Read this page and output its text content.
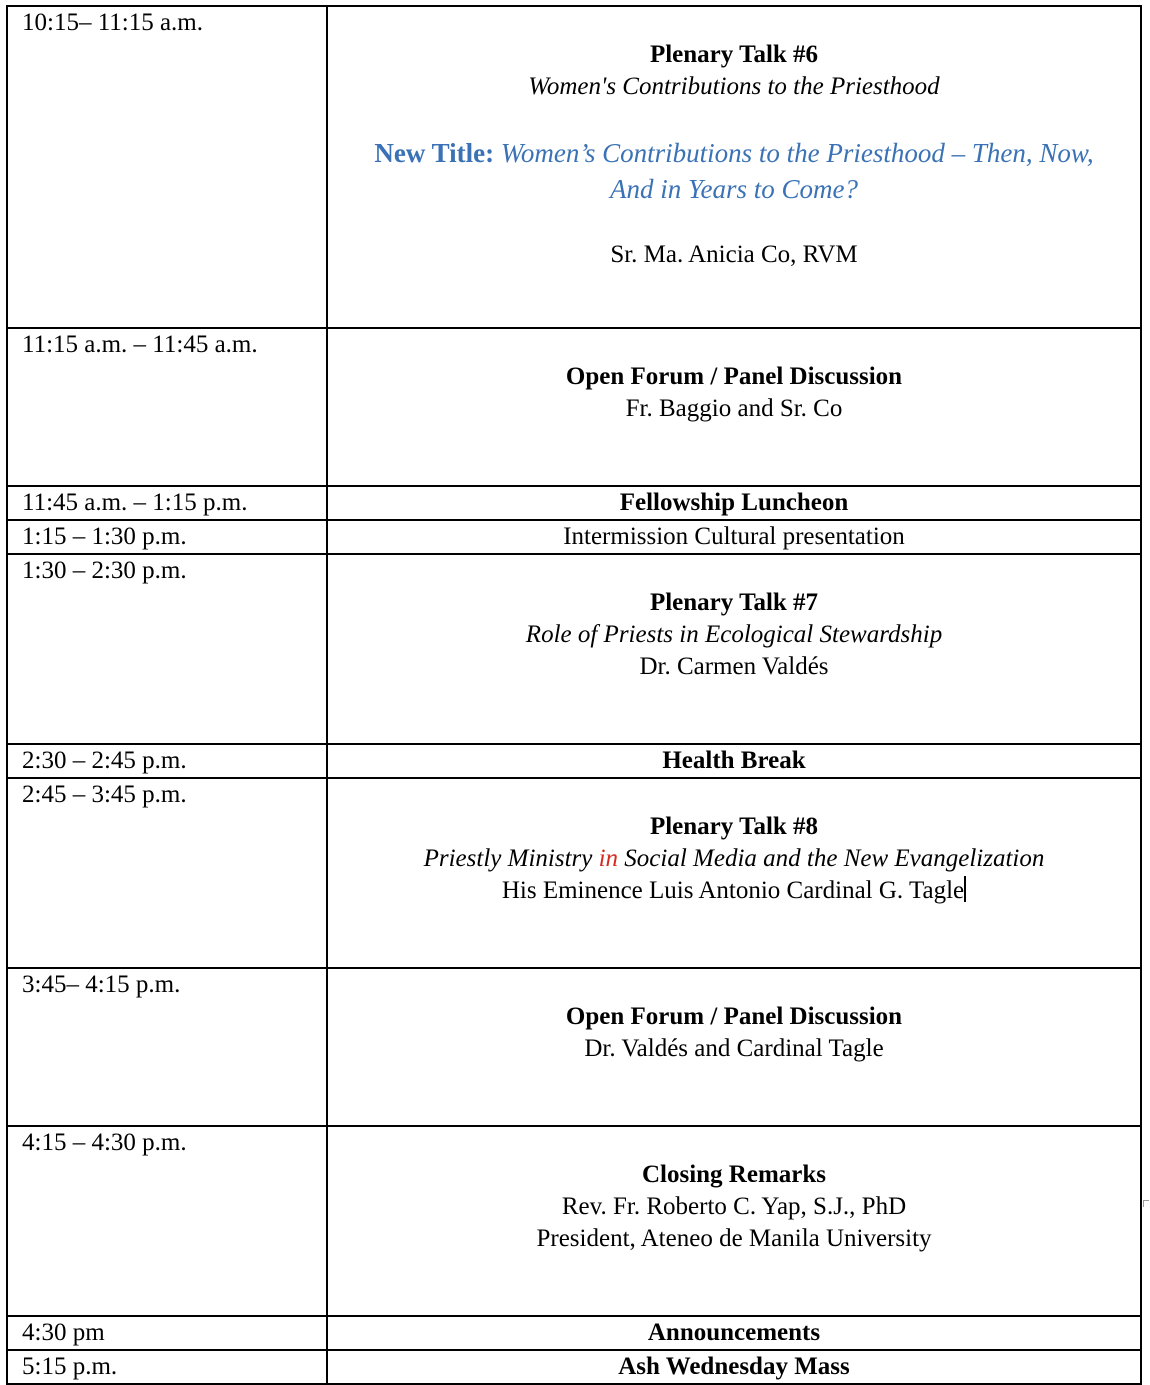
10:15– 11:15 a.m.	Plenary Talk #6
Women's Contributions to the Priesthood
New Title: Women’s Contributions to the Priesthood – Then, Now,
And in Years to Come?
Sr. Ma. Anicia Co, RVM

11:15 a.m. – 11:45 a.m.	Open Forum / Panel Discussion
Fr. Baggio and Sr. Co

11:45 a.m. – 1:15 p.m.	Fellowship Luncheon
1:15 – 1:30 p.m.	Intermission Cultural presentation
1:30 – 2:30 p.m.	Plenary Talk #7
Role of Priests in Ecological Stewardship
Dr. Carmen Valdés

2:30 – 2:45 p.m.	Health Break
2:45 – 3:45 p.m.	Plenary Talk #8
Priestly Ministry in Social Media and the New Evangelization
His Eminence Luis Antonio Cardinal G. Tagle

3:45– 4:15 p.m.	Open Forum / Panel Discussion
Dr. Valdés and Cardinal Tagle

4:15 – 4:30 p.m.	Closing Remarks
Rev. Fr. Roberto C. Yap, S.J., PhD
President, Ateneo de Manila University

4:30 pm	Announcements
5:15 p.m.	Ash Wednesday Mass
